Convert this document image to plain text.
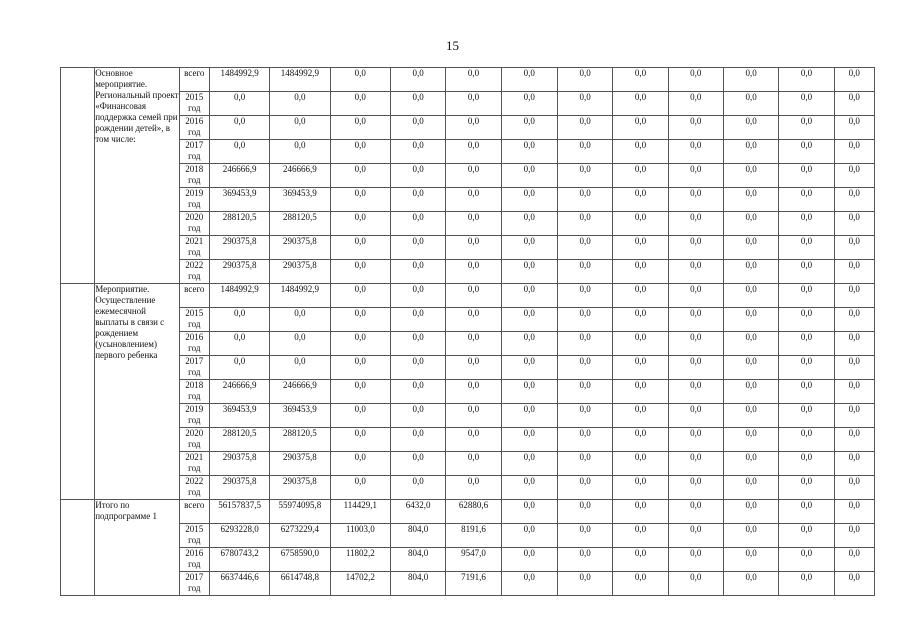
15
	Основное мероприятие. Региональный проект «Финансовая поддержка семей при рождении детей», в том числе:	всего	1484992,9	1484992,9	0,0	0,0	0,0	0,0	0,0	0,0	0,0	0,0	0,0	0,0
		2015 год	0,0	0,0	0,0	0,0	0,0	0,0	0,0	0,0	0,0	0,0	0,0	0,0
		2016 год	0,0	0,0	0,0	0,0	0,0	0,0	0,0	0,0	0,0	0,0	0,0	0,0
		2017 год	0,0	0,0	0,0	0,0	0,0	0,0	0,0	0,0	0,0	0,0	0,0	0,0
		2018 год	246666,9	246666,9	0,0	0,0	0,0	0,0	0,0	0,0	0,0	0,0	0,0	0,0
		2019 год	369453,9	369453,9	0,0	0,0	0,0	0,0	0,0	0,0	0,0	0,0	0,0	0,0
		2020 год	288120,5	288120,5	0,0	0,0	0,0	0,0	0,0	0,0	0,0	0,0	0,0	0,0
		2021 год	290375,8	290375,8	0,0	0,0	0,0	0,0	0,0	0,0	0,0	0,0	0,0	0,0
		2022 год	290375,8	290375,8	0,0	0,0	0,0	0,0	0,0	0,0	0,0	0,0	0,0	0,0
	Мероприятие. Осуществление ежемесячной выплаты в связи с рождением (усыновлением) первого ребенка	всего	1484992,9	1484992,9	0,0	0,0	0,0	0,0	0,0	0,0	0,0	0,0	0,0	0,0
		2015 год	0,0	0,0	0,0	0,0	0,0	0,0	0,0	0,0	0,0	0,0	0,0	0,0
		2016 год	0,0	0,0	0,0	0,0	0,0	0,0	0,0	0,0	0,0	0,0	0,0	0,0
		2017 год	0,0	0,0	0,0	0,0	0,0	0,0	0,0	0,0	0,0	0,0	0,0	0,0
		2018 год	246666,9	246666,9	0,0	0,0	0,0	0,0	0,0	0,0	0,0	0,0	0,0	0,0
		2019 год	369453,9	369453,9	0,0	0,0	0,0	0,0	0,0	0,0	0,0	0,0	0,0	0,0
		2020 год	288120,5	288120,5	0,0	0,0	0,0	0,0	0,0	0,0	0,0	0,0	0,0	0,0
		2021 год	290375,8	290375,8	0,0	0,0	0,0	0,0	0,0	0,0	0,0	0,0	0,0	0,0
		2022 год	290375,8	290375,8	0,0	0,0	0,0	0,0	0,0	0,0	0,0	0,0	0,0	0,0
	Итого по подпрограмме 1	всего	56157837,5	55974095,8	114429,1	6432,0	62880,6	0,0	0,0	0,0	0,0	0,0	0,0	0,0
		2015 год	6293228,0	6273229,4	11003,0	804,0	8191,6	0,0	0,0	0,0	0,0	0,0	0,0	0,0
		2016 год	6780743,2	6758590,0	11802,2	804,0	9547,0	0,0	0,0	0,0	0,0	0,0	0,0	0,0
		2017 год	6637446,6	6614748,8	14702,2	804,0	7191,6	0,0	0,0	0,0	0,0	0,0	0,0	0,0
